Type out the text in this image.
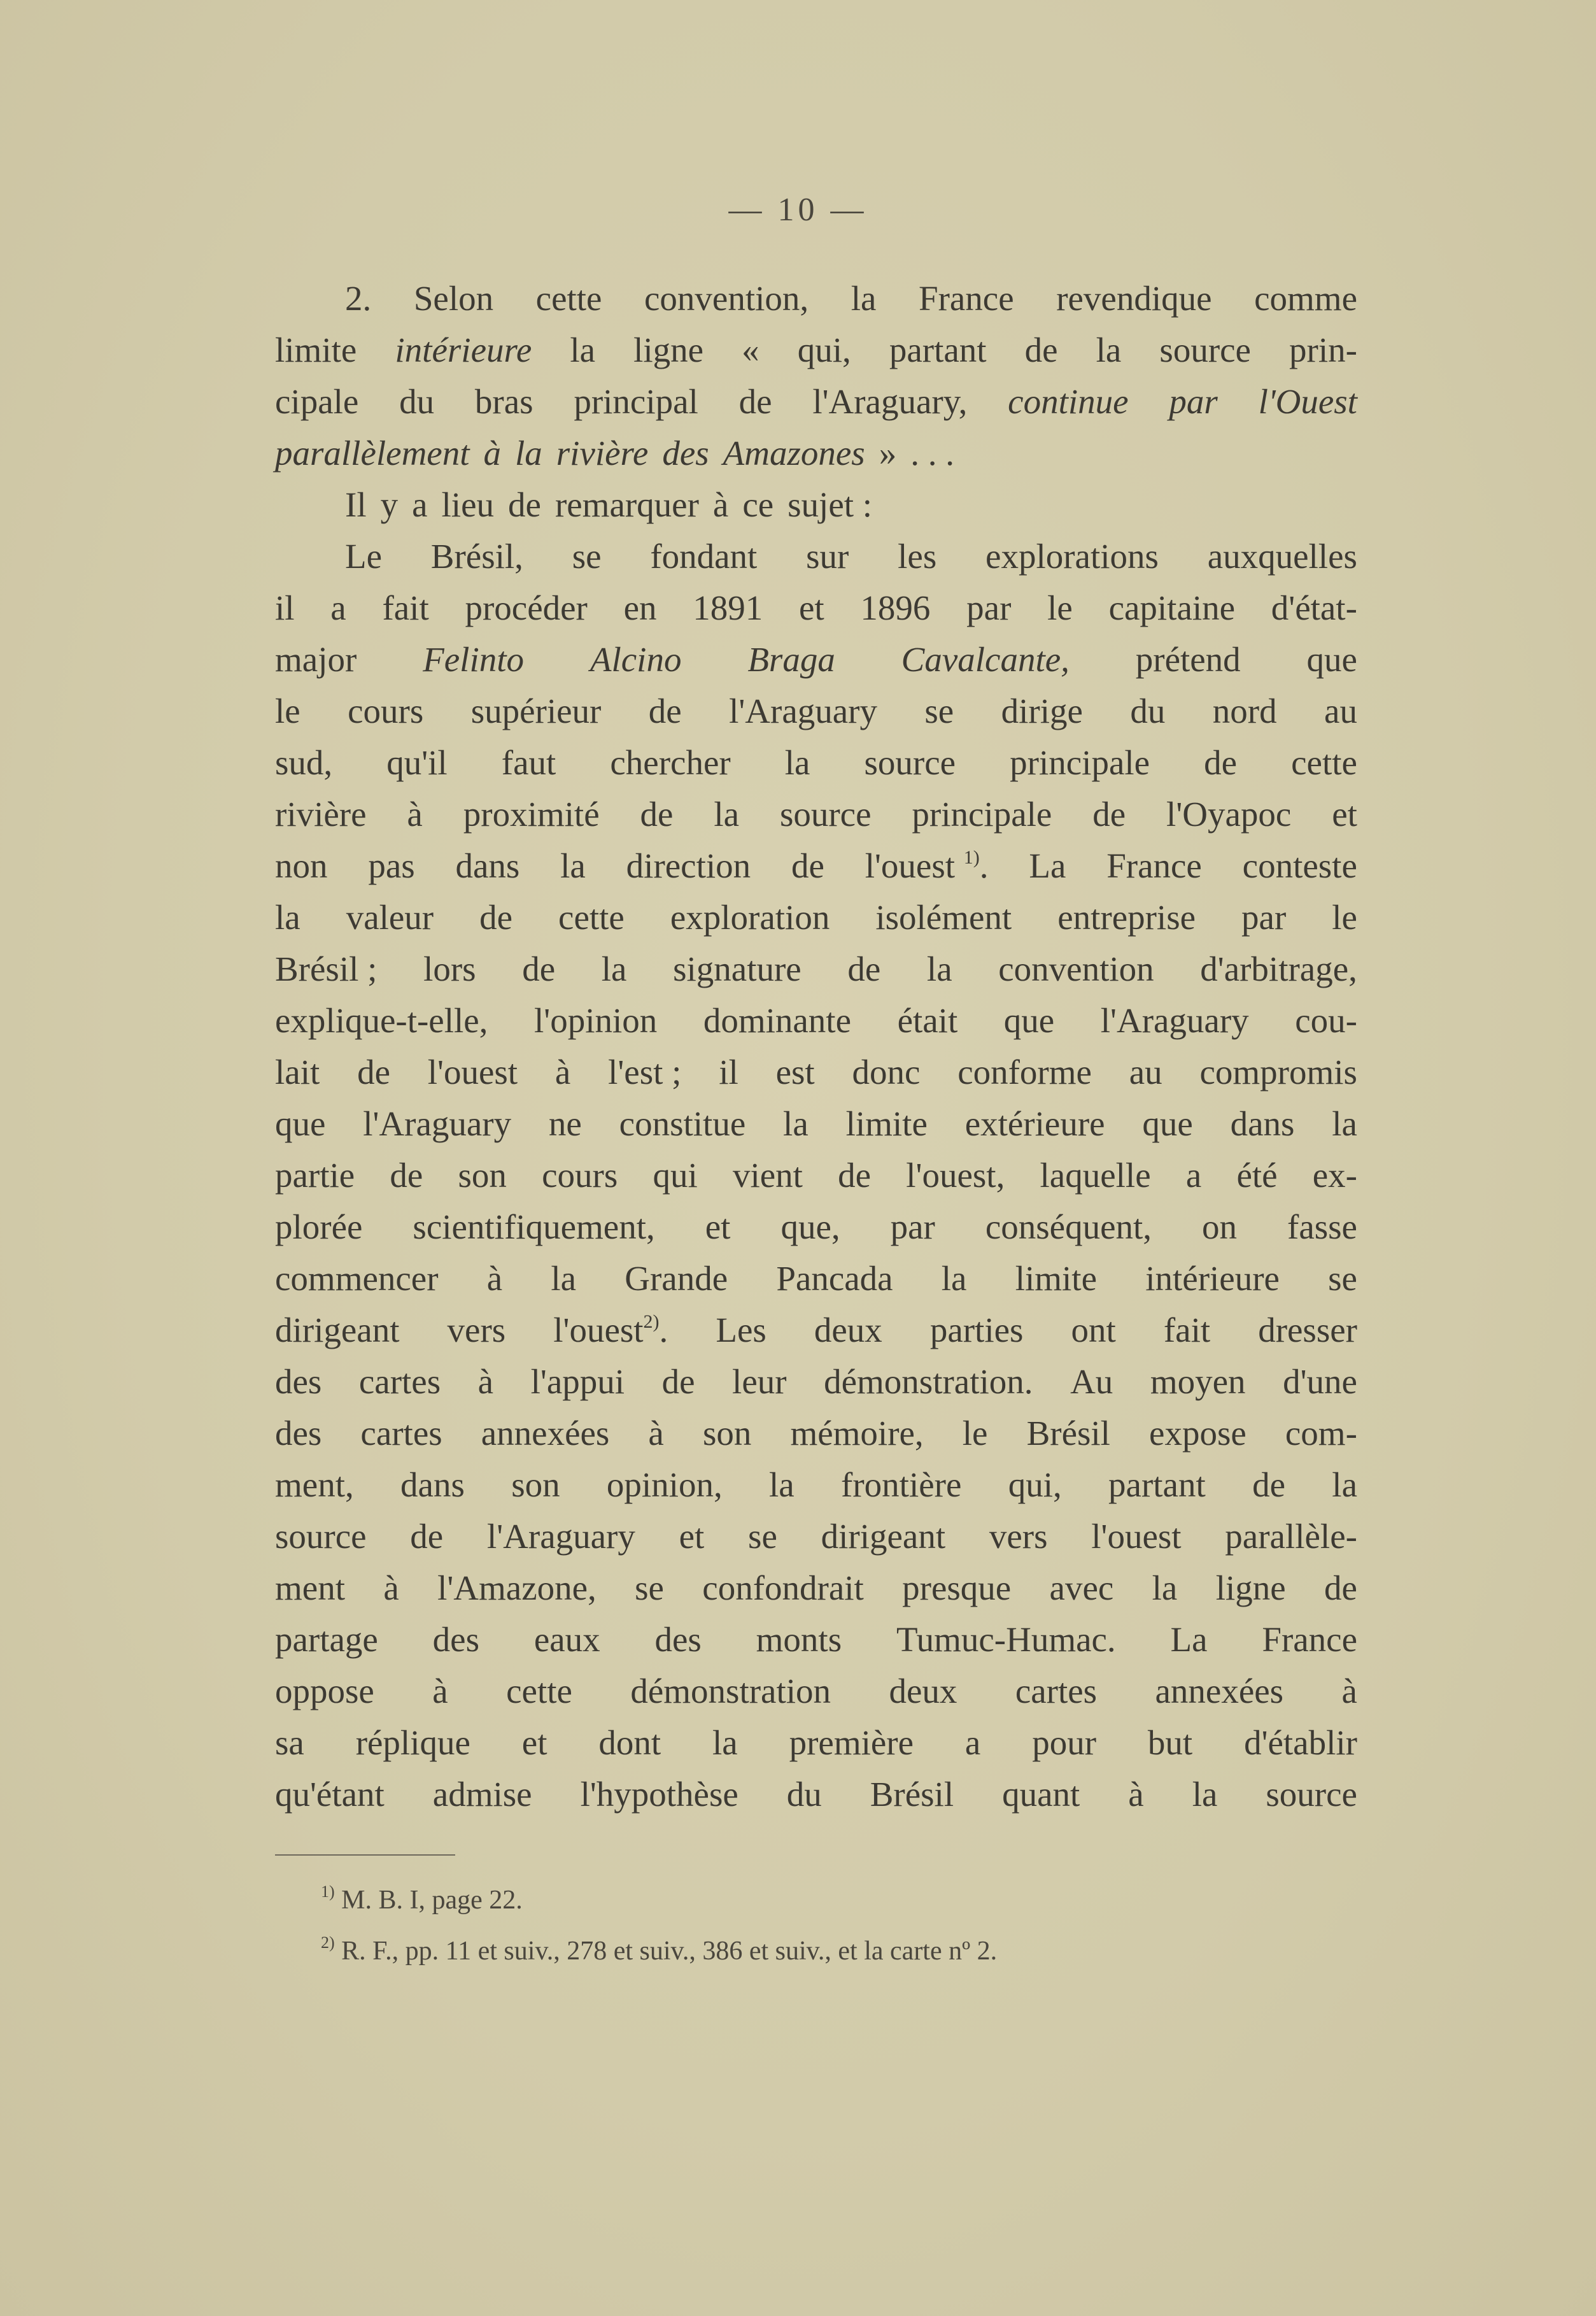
— 10 —
2. Selon cette convention, la France revendique comme
limite intérieure la ligne « qui, partant de la source prin-
cipale du bras principal de l'Araguary, continue par l'Ouest
parallèlement à la rivière des Amazones » . . .
Il y a lieu de remarquer à ce sujet :
Le Brésil, se fondant sur les explorations auxquelles
il a fait procéder en 1891 et 1896 par le capitaine d'état-
major Felinto Alcino Braga Cavalcante, prétend que
le cours supérieur de l'Araguary se dirige du nord au
sud, qu'il faut chercher la source principale de cette
rivière à proximité de la source principale de l'Oyapoc et
non pas dans la direction de l'ouest $^{1)}$. La France conteste
la valeur de cette exploration isolément entreprise par le
Brésil ; lors de la signature de la convention d'arbitrage,
explique-t-elle, l'opinion dominante était que l'Araguary cou-
lait de l'ouest à l'est ; il est donc conforme au compromis
que l'Araguary ne constitue la limite extérieure que dans la
partie de son cours qui vient de l'ouest, laquelle a été ex-
plorée scientifiquement, et que, par conséquent, on fasse
commencer à la Grande Pancada la limite intérieure se
dirigeant vers l'ouest$^{2)}$. Les deux parties ont fait dresser
des cartes à l'appui de leur démonstration. Au moyen d'une
des cartes annexées à son mémoire, le Brésil expose com-
ment, dans son opinion, la frontière qui, partant de la
source de l'Araguary et se dirigeant vers l'ouest parallèle-
ment à l'Amazone, se confondrait presque avec la ligne de
partage des eaux des monts Tumuc-Humac. La France
oppose à cette démonstration deux cartes annexées à
sa réplique et dont la première a pour but d'établir
qu'étant admise l'hypothèse du Brésil quant à la source
$^{1)}$ M. B. I, page 22.
$^{2)}$ R. F., pp. 11 et suiv., 278 et suiv., 386 et suiv., et la carte nº 2.
